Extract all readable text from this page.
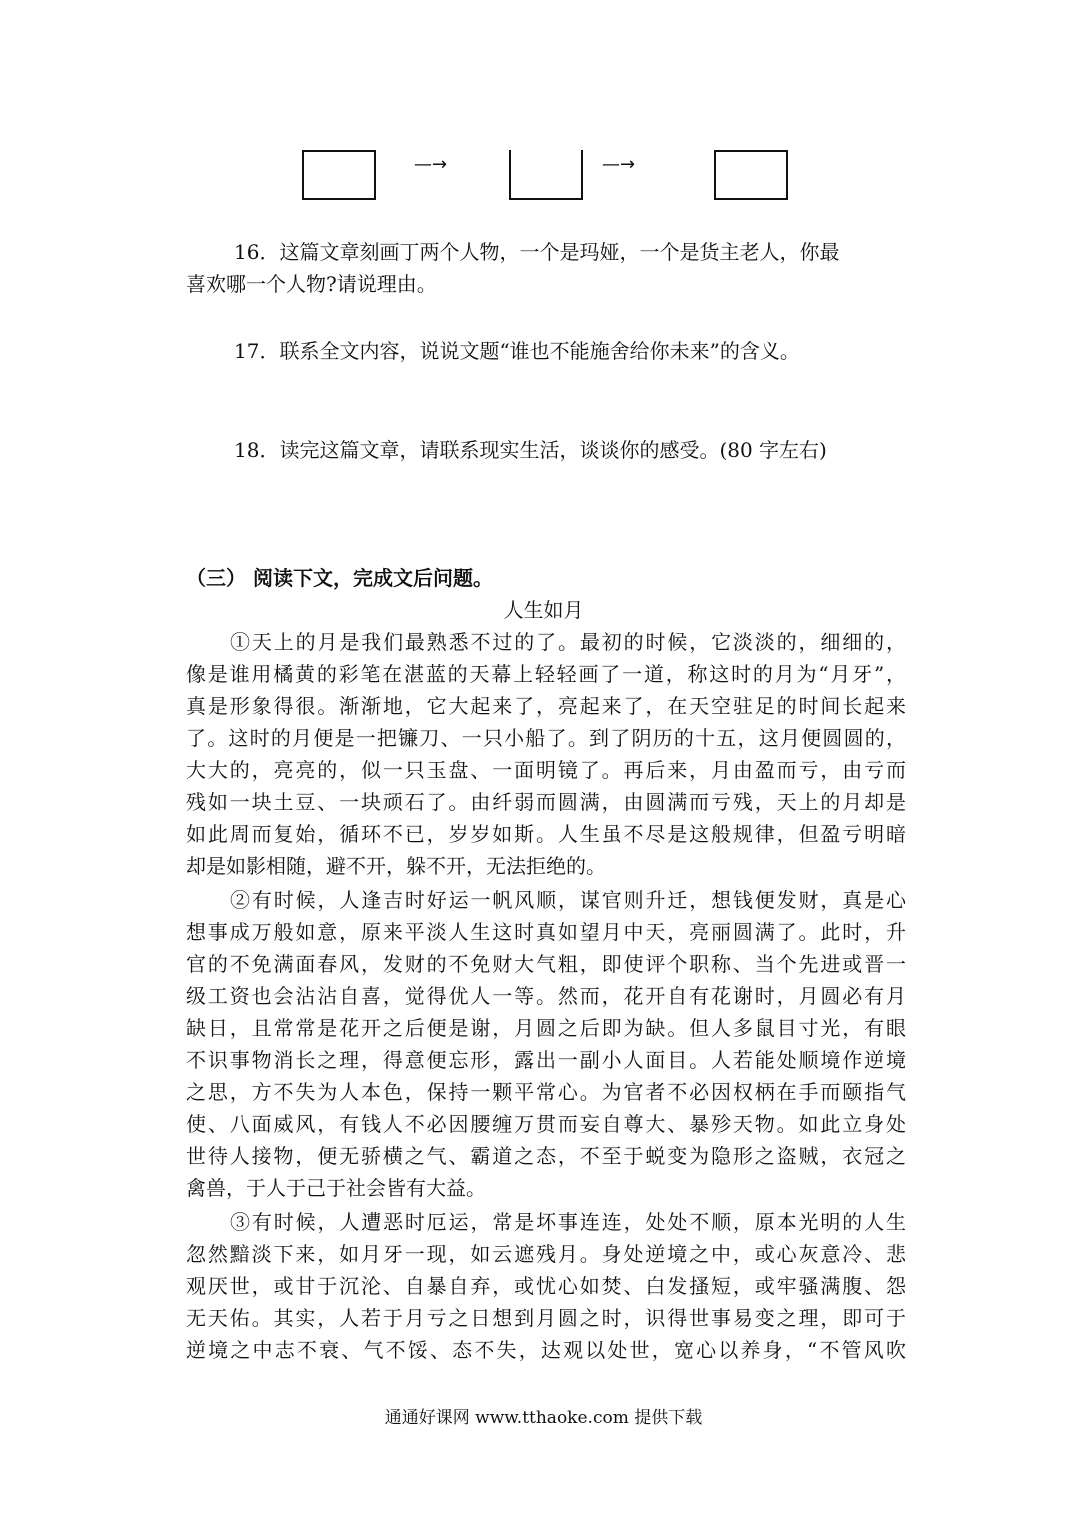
—→	—→
16．这篇文章刻画丁两个人物，一个是玛娅，一个是货主老人，你最
喜欢哪一个人物?请说理由。
17．联系全文内容，说说文题“谁也不能施舍给你未来”的含义。
18．读完这篇文章，请联系现实生活，谈谈你的感受。(80 字左右)
（三） 阅读下文，完成文后问题。
人生如月
①天上的月是我们最熟悉不过的了。最初的时候，它淡淡的，细细的，
像是谁用橘黄的彩笔在湛蓝的天幕上轻轻画了一道，称这时的月为“月牙”，
真是形象得很。渐渐地，它大起来了，亮起来了，在天空驻足的时间长起来
了。这时的月便是一把镰刀、一只小船了。到了阴历的十五，这月便圆圆的，
大大的，亮亮的，似一只玉盘、一面明镜了。再后来，月由盈而亏，由亏而
残如一块土豆、一块顽石了。由纤弱而圆满，由圆满而亏残，天上的月却是
如此周而复始，循环不已，岁岁如斯。人生虽不尽是这般规律，但盈亏明暗
却是如影相随，避不开，躲不开，无法拒绝的。
②有时候，人逢吉时好运一帆风顺，谋官则升迁，想钱便发财，真是心
想事成万般如意，原来平淡人生这时真如望月中天，亮丽圆满了。此时，升
官的不免满面春风，发财的不免财大气粗，即使评个职称、当个先进或晋一
级工资也会沾沾自喜，觉得优人一等。然而，花开自有花谢时，月圆必有月
缺日，且常常是花开之后便是谢，月圆之后即为缺。但人多鼠目寸光，有眼
不识事物消长之理，得意便忘形，露出一副小人面目。人若能处顺境作逆境
之思，方不失为人本色，保持一颗平常心。为官者不必因权柄在手而颐指气
使、八面威风，有钱人不必因腰缠万贯而妄自尊大、暴殄天物。如此立身处
世待人接物，便无骄横之气、霸道之态，不至于蜕变为隐形之盗贼，衣冠之
禽兽，于人于己于社会皆有大益。
③有时候，人遭恶时厄运，常是坏事连连，处处不顺，原本光明的人生
忽然黯淡下来，如月牙一现，如云遮残月。身处逆境之中，或心灰意冷、悲
观厌世，或甘于沉沦、自暴自弃，或忧心如焚、白发搔短，或牢骚满腹、怨
无天佑。其实，人若于月亏之日想到月圆之时，识得世事易变之理，即可于
逆境之中志不衰、气不馁、态不失，达观以处世，宽心以养身，“不管风吹
通通好课网 www.tthaoke.com 提供下载
